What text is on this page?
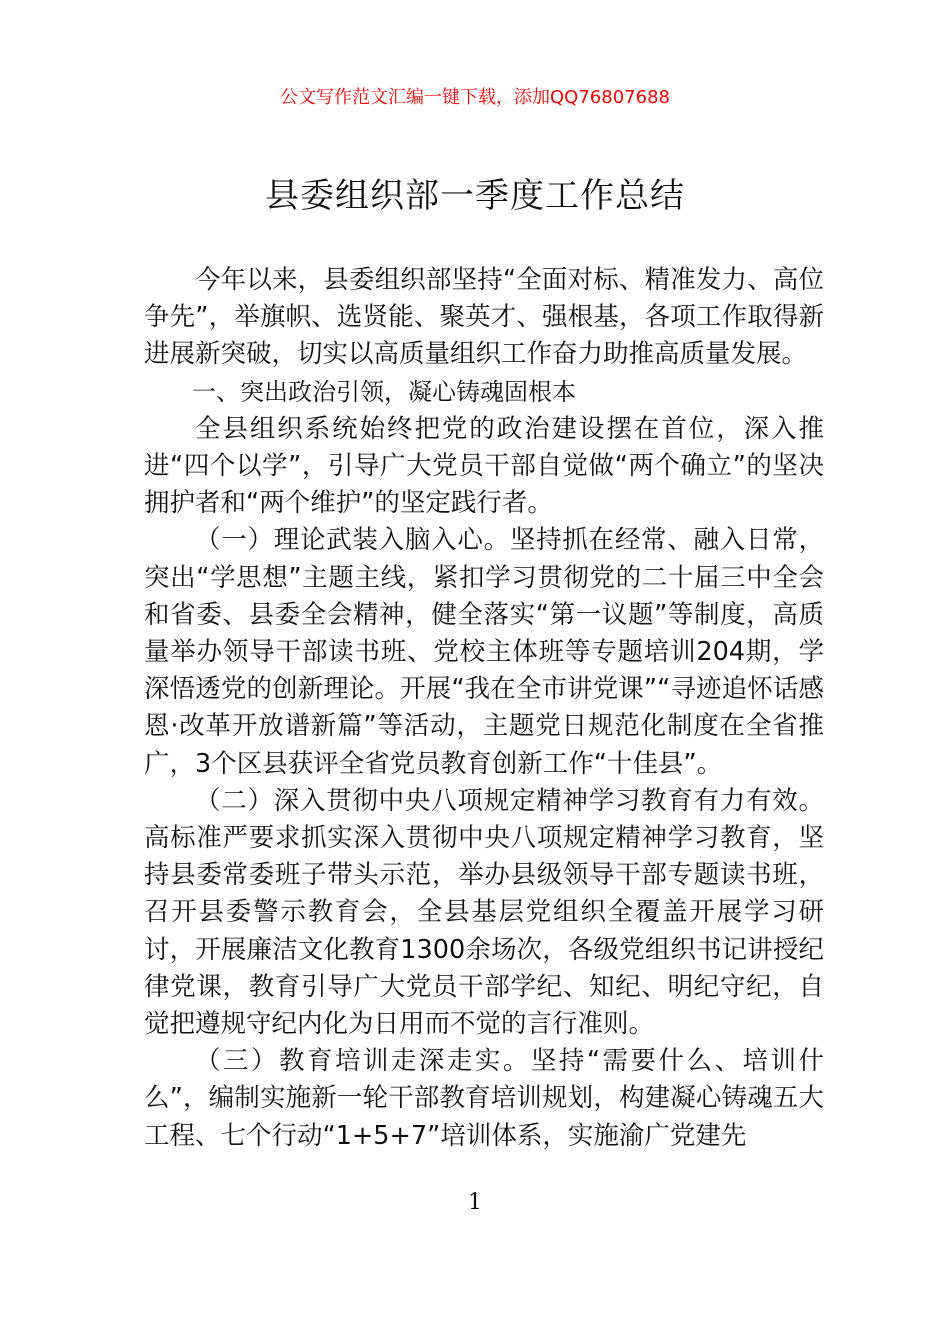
公文写作范文汇编一键下载，添加QQ76807688
县委组织部一季度工作总结

今年以来，县委组织部坚持“全面对标、精准发力、高位争先”，举旗帜、选贤能、聚英才、强根基，各项工作取得新进展新突破，切实以高质量组织工作奋力助推高质量发展。

一、突出政治引领，凝心铸魂固根本

全县组织系统始终把党的政治建设摆在首位，深入推进“四个以学”，引导广大党员干部自觉做“两个确立”的坚决拥护者和“两个维护”的坚定践行者。

（一）理论武装入脑入心。坚持抓在经常、融入日常，突出“学思想”主题主线，紧扣学习贯彻党的二十届三中全会和省委、县委全会精神，健全落实“第一议题”等制度，高质量举办领导干部读书班、党校主体班等专题培训204期，学深悟透党的创新理论。开展“我在全市讲党课”“寻迹追怀话感恩·改革开放谱新篇”等活动，主题党日规范化制度在全省推广，3个区县获评全省党员教育创新工作“十佳县”。

（二）深入贯彻中央八项规定精神学习教育有力有效。高标准严要求抓实深入贯彻中央八项规定精神学习教育，坚持县委常委班子带头示范，举办县级领导干部专题读书班，召开县委警示教育会，全县基层党组织全覆盖开展学习研讨，开展廉洁文化教育1300余场次，各级党组织书记讲授纪律党课，教育引导广大党员干部学纪、知纪、明纪守纪，自觉把遵规守纪内化为日用而不觉的言行准则。

（三）教育培训走深走实。坚持“需要什么、培训什么”，编制实施新一轮干部教育培训规划，构建凝心铸魂五大工程、七个行动“1+5+7”培训体系，实施渝广党建先

1
